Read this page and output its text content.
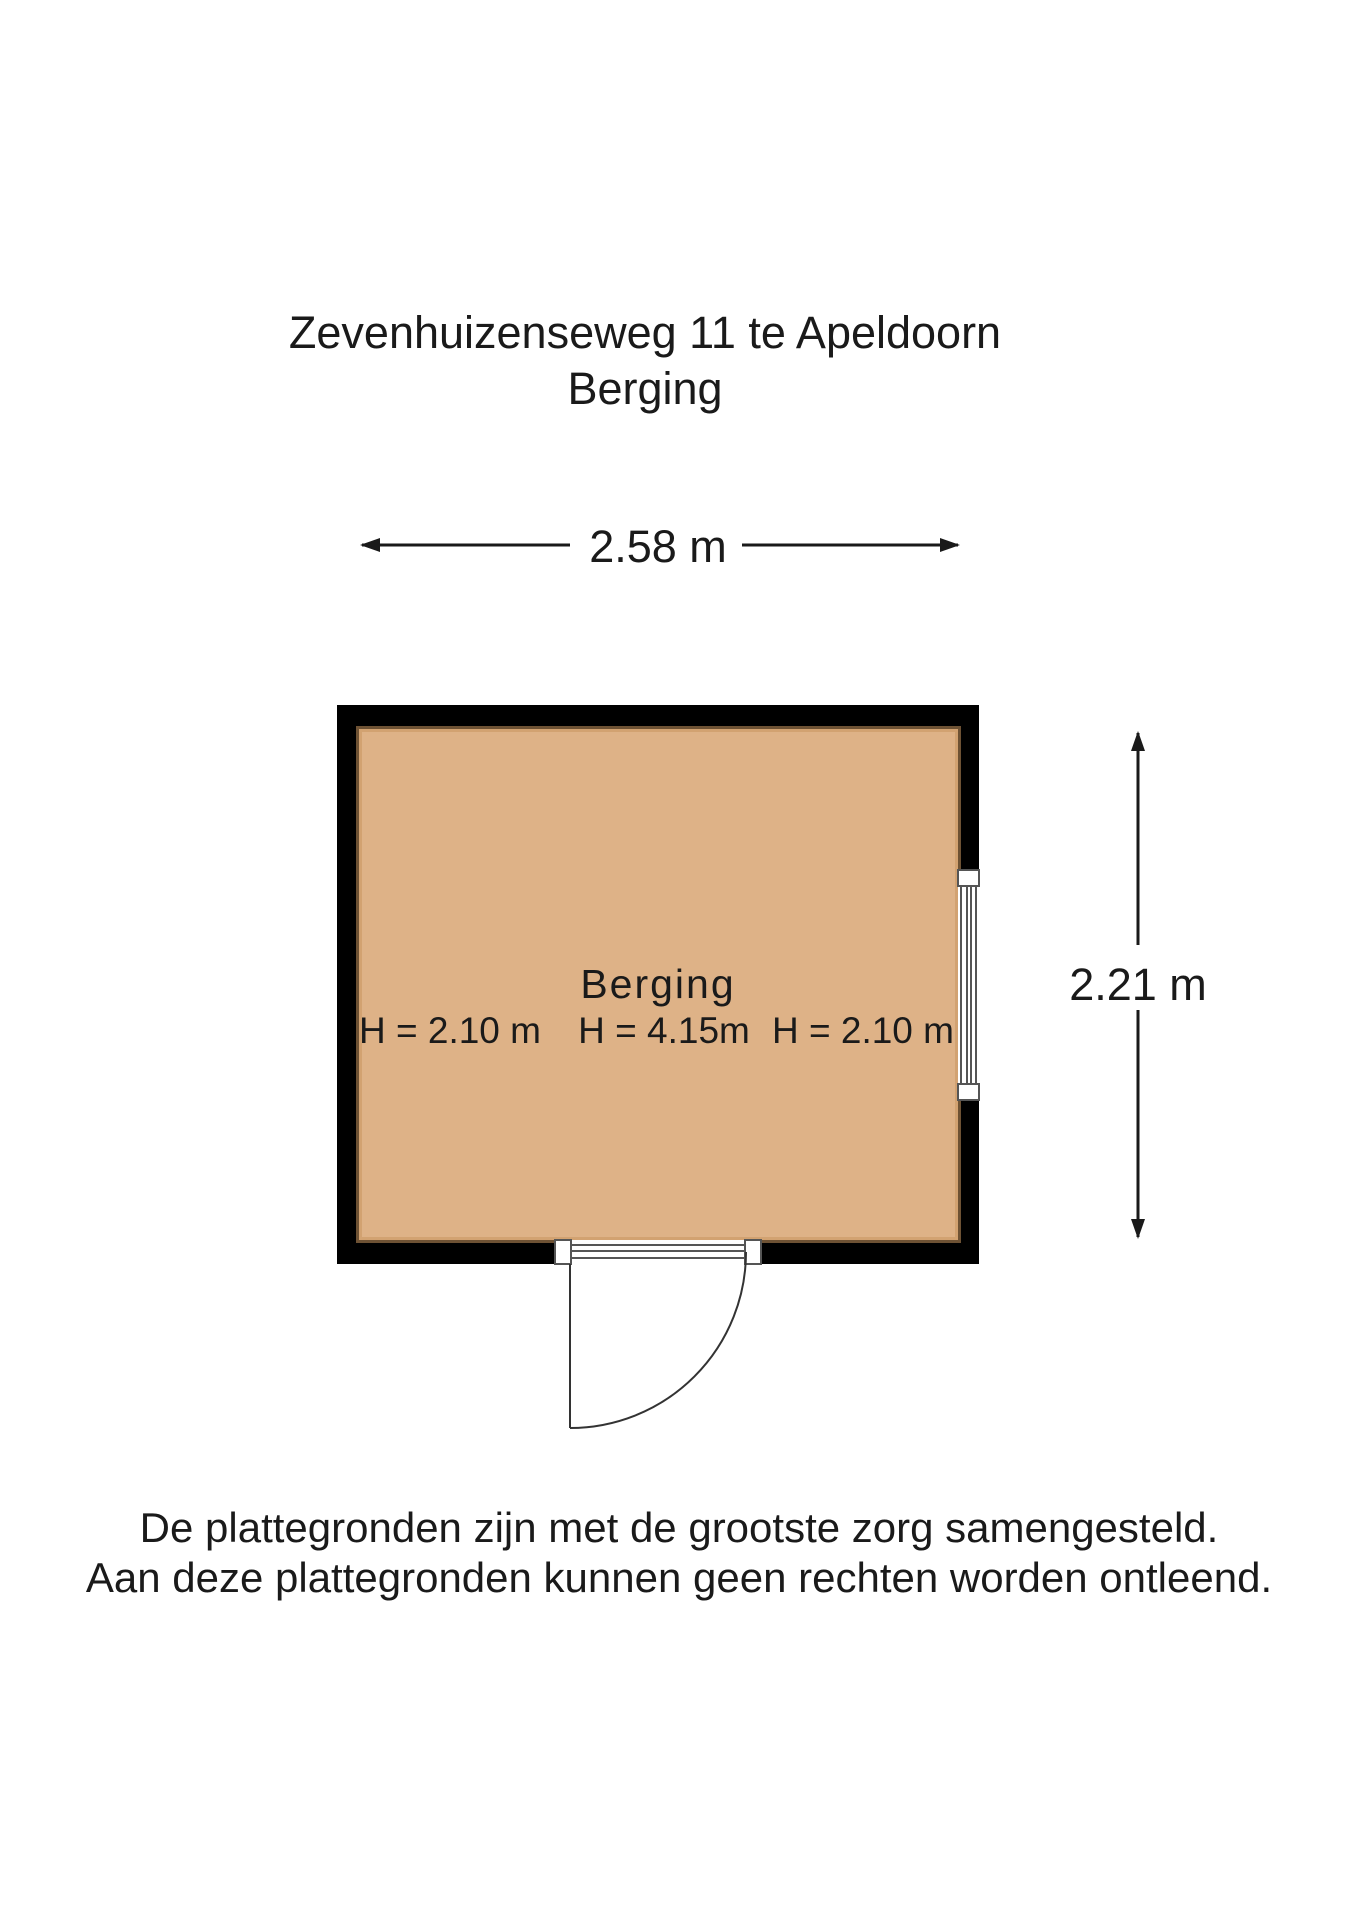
Zevenhuizenseweg 11 te Apeldoorn
Berging
2.58 m
2.21 m
Berging
H = 2.10 m H = 4.15m H = 2.10 m
De plattegronden zijn met de grootste zorg samengesteld.
Aan deze plattegronden kunnen geen rechten worden ontleend.
